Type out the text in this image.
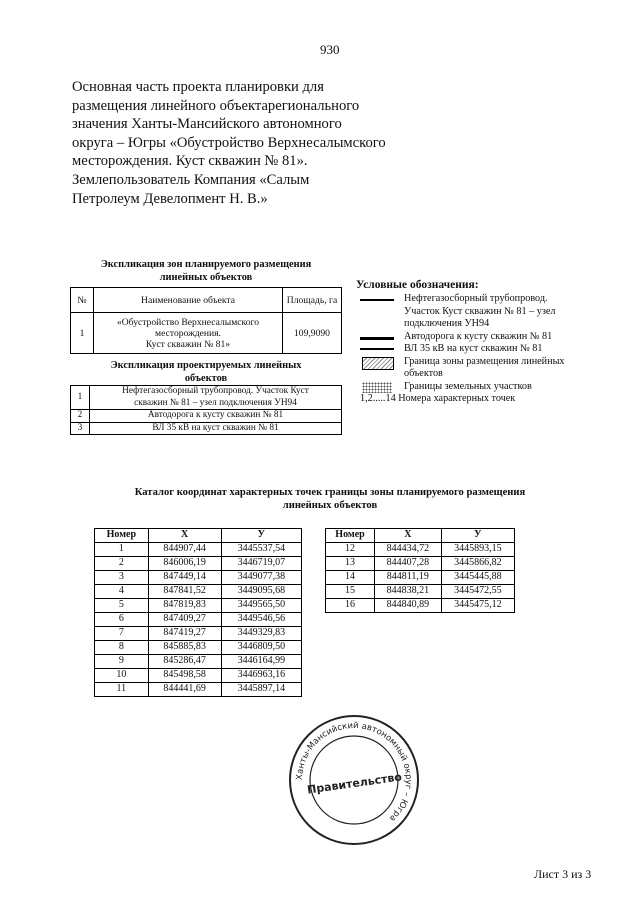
930
Основная часть проекта планировки для
размещения линейного объектарегионального
значения Ханты-Мансийского автономного
округа – Югры «Обустройство Верхнесалымского
месторождения. Куст скважин № 81».
Землепользователь Компания «Салым
Петролеум Девелопмент Н. В.»
Экспликация зон планируемого размещения
линейных объектов
№	Наименование объекта	Площадь, га
1	«Обустройство Верхнесалымского
месторождения.
Куст скважин № 81»	109,9090
Экспликация проектируемых линейных
объектов
1	Нефтегазосборный трубопровод. Участок Куст
скважин № 81 – узел подключения УН94

2	Автодорога к кусту скважин № 81
3	ВЛ 35 кВ на куст скважин № 81
Условные обозначения:
Нефтегазосборный трубопровод.
Участок Куст скважин № 81 – узел
подключения УН94
Автодорога к кусту скважин № 81
ВЛ 35 кВ на куст скважин № 81
Граница зоны размещения линейных
объектов
Границы земельных участков
1,2.....14 Номера характерных точек
Каталог координат характерных точек границы зоны планируемого размещения
линейных объектов
Номер	X	У
1	844907,44	3445537,54
2	846006,19	3446719,07
3	847449,14	3449077,38
4	847841,52	3449095,68
5	847819,83	3449565,50
6	847409,27	3449546,56
7	847419,27	3449329,83
8	845885,83	3446809,50
9	845286,47	3446164,99
10	845498,58	3446963,16
11	844441,69	3445897,14
Номер	X	У
12	844434,72	3445893,15
13	844407,28	3445866,82
14	844811,19	3445445,88
15	844838,21	3445472,55
16	844840,89	3445475,12
Ханты-Мансийский автономный округ – Югра
Правительство
Лист 3 из 3
